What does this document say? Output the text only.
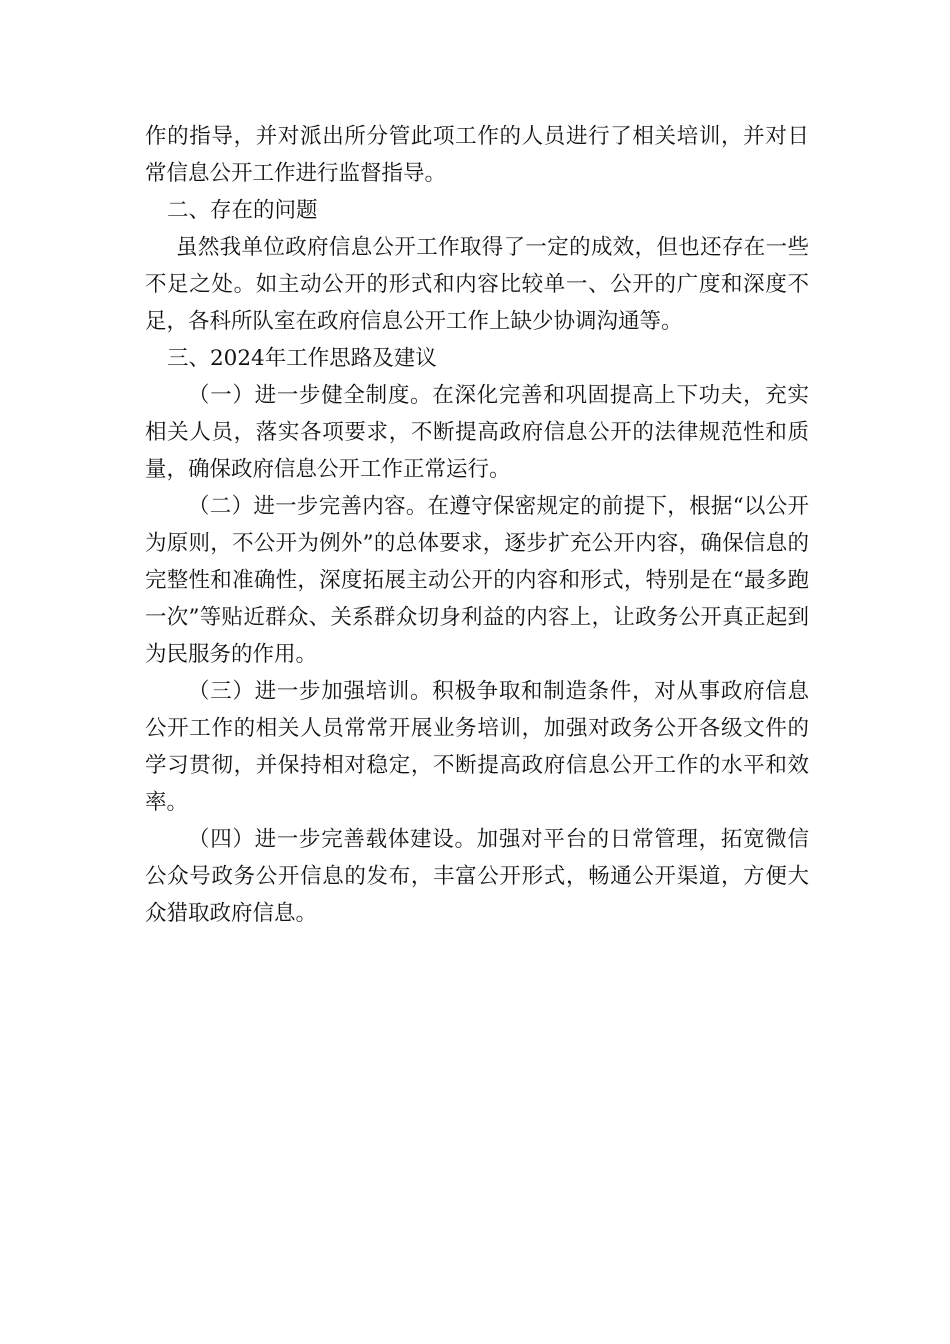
作的指导，并对派出所分管此项工作的人员进行了相关培训，并对日常信息公开工作进行监督指导。

二、存在的问题

虽然我单位政府信息公开工作取得了一定的成效，但也还存在一些不足之处。如主动公开的形式和内容比较单一、公开的广度和深度不足，各科所队室在政府信息公开工作上缺少协调沟通等。

三、2024年工作思路及建议

（一）进一步健全制度。在深化完善和巩固提高上下功夫，充实相关人员，落实各项要求，不断提高政府信息公开的法律规范性和质量，确保政府信息公开工作正常运行。

（二）进一步完善内容。在遵守保密规定的前提下，根据“以公开为原则，不公开为例外”的总体要求，逐步扩充公开内容，确保信息的完整性和准确性，深度拓展主动公开的内容和形式，特别是在“最多跑一次”等贴近群众、关系群众切身利益的内容上，让政务公开真正起到为民服务的作用。

（三）进一步加强培训。积极争取和制造条件，对从事政府信息公开工作的相关人员常常开展业务培训，加强对政务公开各级文件的学习贯彻，并保持相对稳定，不断提高政府信息公开工作的水平和效率。

（四）进一步完善载体建设。加强对平台的日常管理，拓宽微信公众号政务公开信息的发布，丰富公开形式，畅通公开渠道，方便大众猎取政府信息。
